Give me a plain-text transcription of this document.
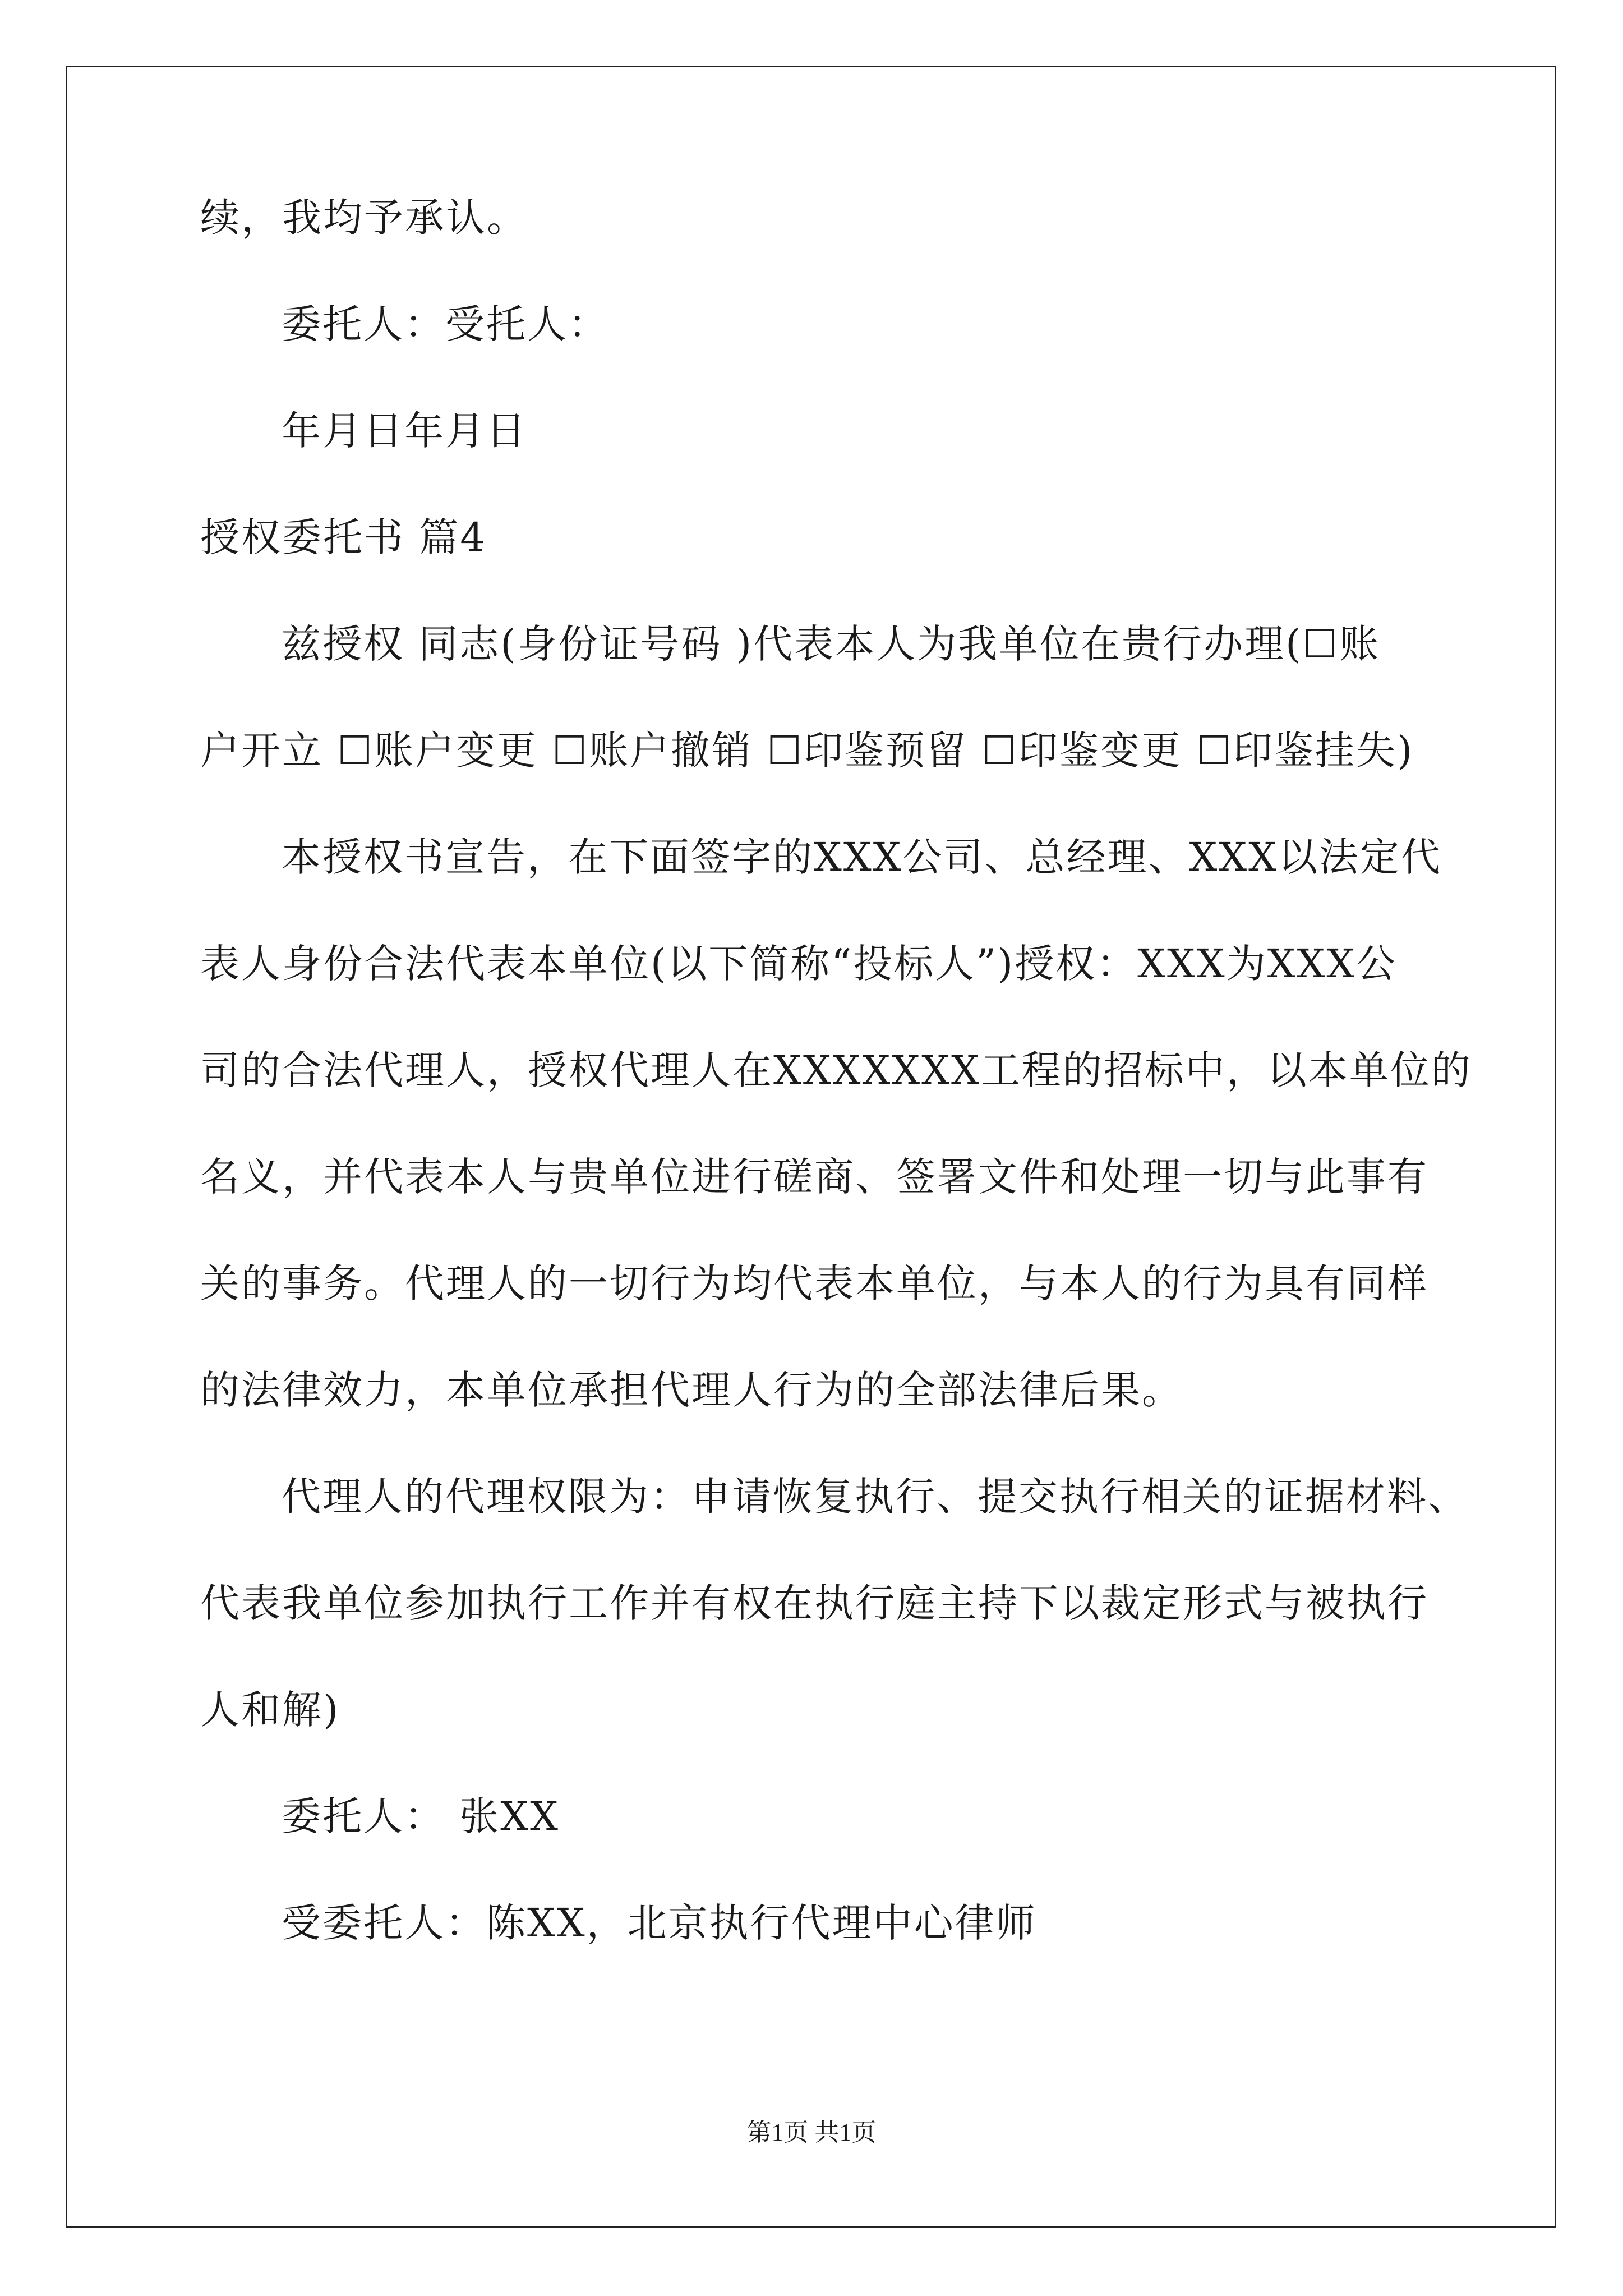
续，我均予承认。
委托人：受托人：
年月日年月日
授权委托书 篇4
兹授权 同志(身份证号码 )代表本人为我单位在贵行办理(☐账
户开立 ☐账户变更 ☐账户撤销 ☐印鉴预留 ☐印鉴变更 ☐印鉴挂失)
本授权书宣告，在下面签字的XXX公司、总经理、XXX以法定代
表人身份合法代表本单位(以下简称“投标人”)授权：XXX为XXX公
司的合法代理人，授权代理人在XXXXXXX工程的招标中，以本单位的
名义，并代表本人与贵单位进行磋商、签署文件和处理一切与此事有
关的事务。代理人的一切行为均代表本单位，与本人的行为具有同样
的法律效力，本单位承担代理人行为的全部法律后果。
代理人的代理权限为：申请恢复执行、提交执行相关的证据材料、
代表我单位参加执行工作并有权在执行庭主持下以裁定形式与被执行
人和解)
委托人： 张XX
受委托人：陈XX，北京执行代理中心律师
第1页 共1页
